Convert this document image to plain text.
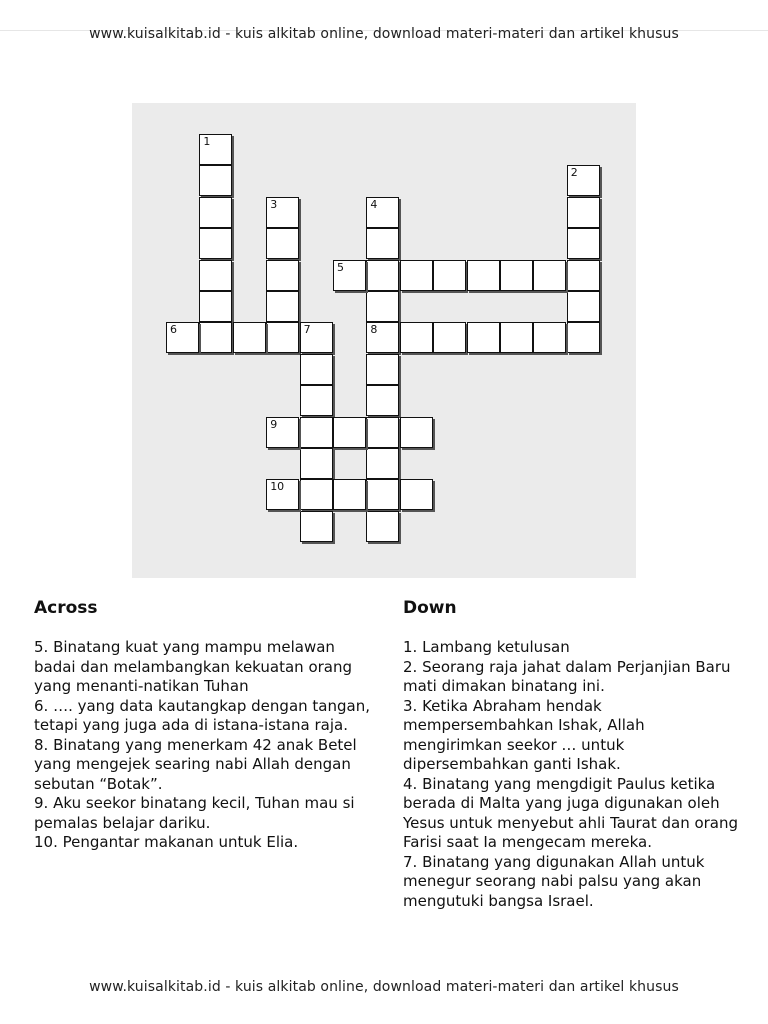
www.kuisalkitab.id - kuis alkitab online, download materi-materi dan artikel khusus
1
2
3	4
8
7
5
6
9
10
Across

5. Binatang kuat yang mampu melawan badai dan melambangkan kekuatan orang yang menanti-natikan Tuhan

6. …. yang data kautangkap dengan tangan, tetapi yang juga ada di istana-istana raja.

8. Binatang yang menerkam 42 anak Betel yang mengejek searing nabi Allah dengan sebutan “Botak”.

9. Aku seekor binatang kecil, Tuhan mau si pemalas belajar dariku.

10. Pengantar makanan untuk Elia.

Down

1. Lambang ketulusan

2. Seorang raja jahat dalam Perjanjian Baru mati dimakan binatang ini.

3. Ketika Abraham hendak mempersembahkan Ishak, Allah mengirimkan seekor … untuk dipersembahkan ganti Ishak.

4. Binatang yang mengdigit Paulus ketika berada di Malta yang juga digunakan oleh Yesus untuk menyebut ahli Taurat dan orang Farisi saat Ia mengecam mereka.

7. Binatang yang digunakan Allah untuk menegur seorang nabi palsu yang akan mengutuki bangsa Israel.

www.kuisalkitab.id - kuis alkitab online, download materi-materi dan artikel khusus
